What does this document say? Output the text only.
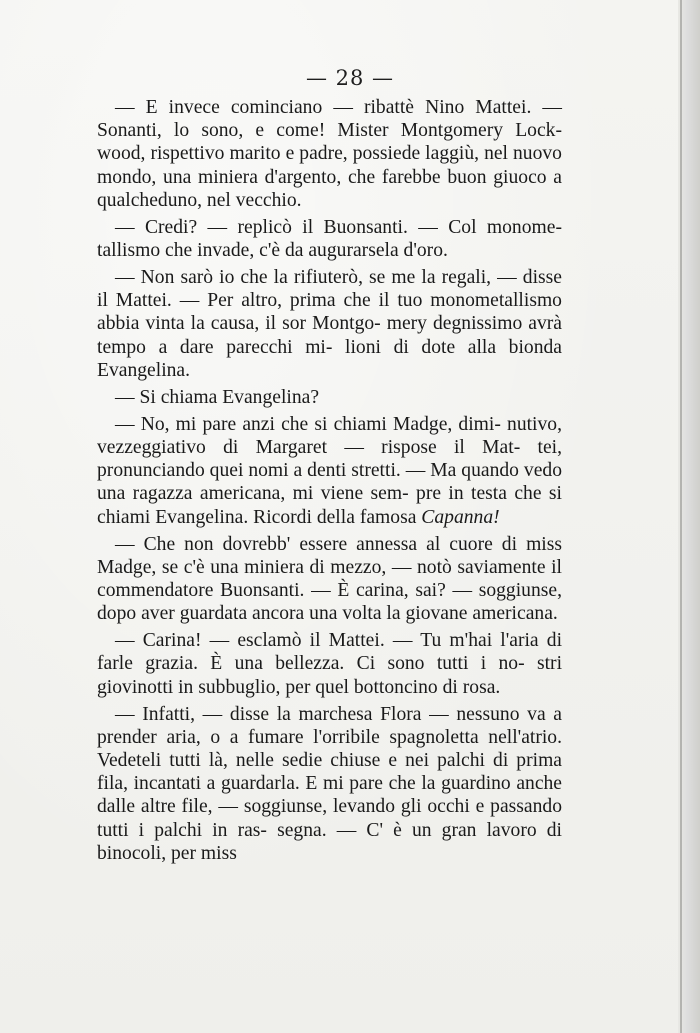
— 28 —

— E invece cominciano — ribattè Nino Mattei. — Sonanti, lo sono, e come! Mister Montgomery Lock- wood, rispettivo marito e padre, possiede laggiù, nel nuovo mondo, una miniera d'argento, che farebbe buon giuoco a qualcheduno, nel vecchio.

— Credi? — replicò il Buonsanti. — Col monome- tallismo che invade, c'è da augurarsela d'oro.

— Non sarò io che la rifiuterò, se me la regali, — disse il Mattei. — Per altro, prima che il tuo monometallismo abbia vinta la causa, il sor Montgo- mery degnissimo avrà tempo a dare parecchi mi- lioni di dote alla bionda Evangelina.

— Si chiama Evangelina?

— No, mi pare anzi che si chiami Madge, dimi- nutivo, vezzeggiativo di Margaret — rispose il Mat- tei, pronunciando quei nomi a denti stretti. — Ma quando vedo una ragazza americana, mi viene sem- pre in testa che si chiami Evangelina. Ricordi della famosa Capanna!

— Che non dovrebb' essere annessa al cuore di miss Madge, se c'è una miniera di mezzo, — notò saviamente il commendatore Buonsanti. — È carina, sai? — soggiunse, dopo aver guardata ancora una volta la giovane americana.

— Carina! — esclamò il Mattei. — Tu m'hai l'aria di farle grazia. È una bellezza. Ci sono tutti i no- stri giovinotti in subbuglio, per quel bottoncino di rosa.

— Infatti, — disse la marchesa Flora — nessuno va a prender aria, o a fumare l'orribile spagnoletta nell'atrio. Vedeteli tutti là, nelle sedie chiuse e nei palchi di prima fila, incantati a guardarla. E mi pare che la guardino anche dalle altre file, — soggiunse, levando gli occhi e passando tutti i palchi in ras- segna. — C' è un gran lavoro di binocoli, per miss
